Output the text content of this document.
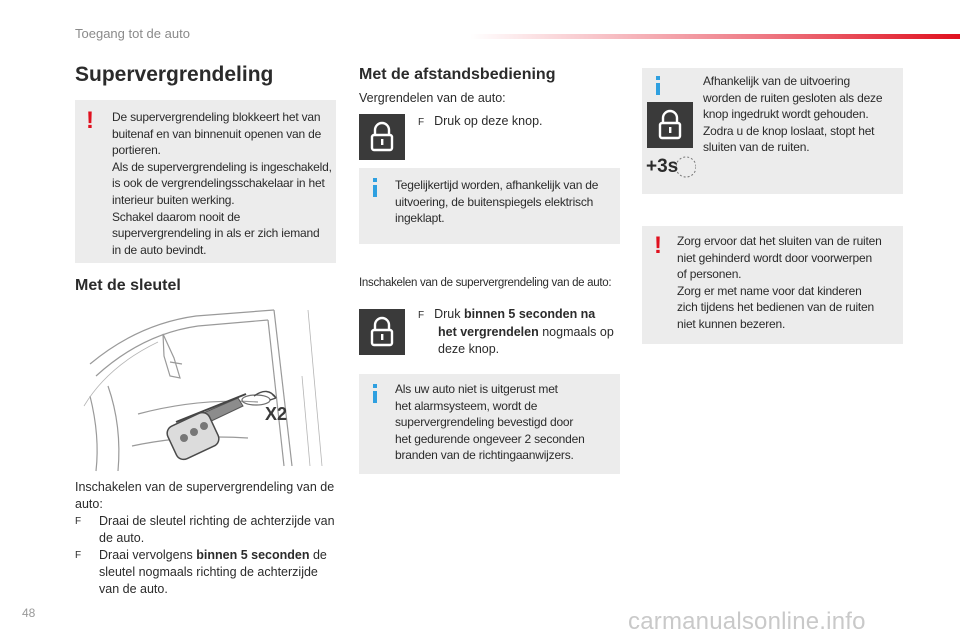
Toegang tot de auto
Supervergrendeling
! De supervergrendeling blokkeert het van
buitenaf en van binnenuit openen van de
portieren.
Als de supervergrendeling is ingeschakeld,
is ook de vergrendelingsschakelaar in het
interieur buiten werking.
Schakel daarom nooit de
supervergrendeling in als er zich iemand
in de auto bevindt.
Met de sleutel
X2
Inschakelen van de supervergrendeling van de
auto:
F Draai de sleutel richting de achterzijde van
de auto.
F Draai vervolgens binnen 5 seconden de
sleutel nogmaals richting de achterzijde
van de auto.
Met de afstandsbediening
Vergrendelen van de auto:
F Druk op deze knop.
Tegelijkertijd worden, afhankelijk van de
uitvoering, de buitenspiegels elektrisch
ingeklapt.
Inschakelen van de supervergrendeling van de auto:
F Druk binnen 5 seconden na
het vergrendelen nogmaals op
deze knop.
Als uw auto niet is uitgerust met
het alarmsysteem, wordt de
supervergrendeling bevestigd door
het gedurende ongeveer 2 seconden
branden van de richtingaanwijzers.
+3s
Afhankelijk van de uitvoering
worden de ruiten gesloten als deze
knop ingedrukt wordt gehouden.
Zodra u de knop loslaat, stopt het
sluiten van de ruiten.
! Zorg ervoor dat het sluiten van de ruiten
niet gehinderd wordt door voorwerpen
of personen.
Zorg er met name voor dat kinderen
zich tijdens het bedienen van de ruiten
niet kunnen bezeren.
48	carmanualsonline.info
